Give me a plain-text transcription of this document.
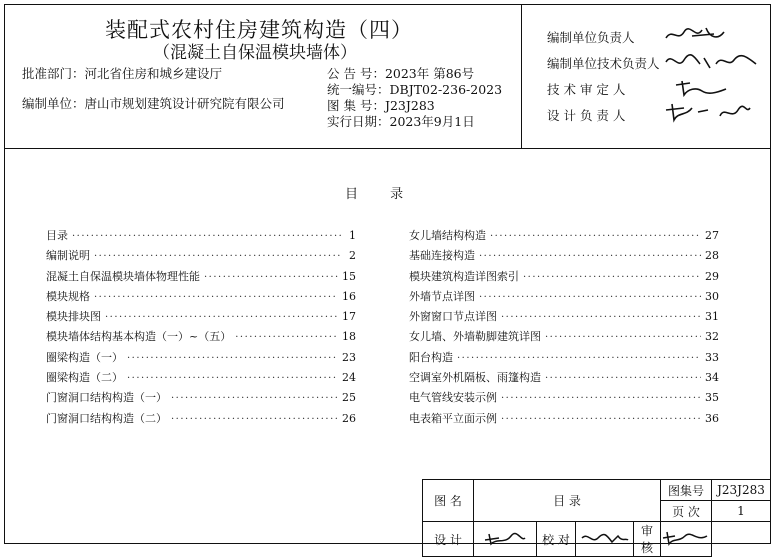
装配式农村住房建筑构造（四）
（混凝土自保温模块墙体）
批准部门：河北省住房和城乡建设厅
编制单位：唐山市规划建筑设计研究院有限公司
公 告 号：2023年 第86号
统一编号：DBJT02-236-2023
图 集 号：J23J283
实行日期：2023年9月1日
编制单位负责人
编制单位技术负责人
技 术 审 定 人
设 计 负 责 人
目 录
目录 ·····	1
编制说明 ·····	2
混凝土自保温模块墙体物理性能 ·····	15
模块规格 ·····	16
模块排块图 ·····	17
模块墙体结构基本构造（一）~（五） ·····	18
圈梁构造（一） ·····	23
圈梁构造（二） ·····	24
门窗洞口结构构造（一） ·····	25
门窗洞口结构构造（二） ·····	26
女儿墙结构构造 ·····	27
基础连接构造 ·····	28
模块建筑构造详图索引 ·····	29
外墙节点详图 ·····	30
外窗窗口节点详图 ·····	31
女儿墙、外墙勒脚建筑详图 ·····	32
阳台构造 ·····	33
空调室外机隔板、雨篷构造 ·····	34
电气管线安装示例 ·····	35
电表箱平立面示例 ·····	36
图 名	目 录				图集号	J23J283
					页 次	1
设 计		校 对		审 核	
